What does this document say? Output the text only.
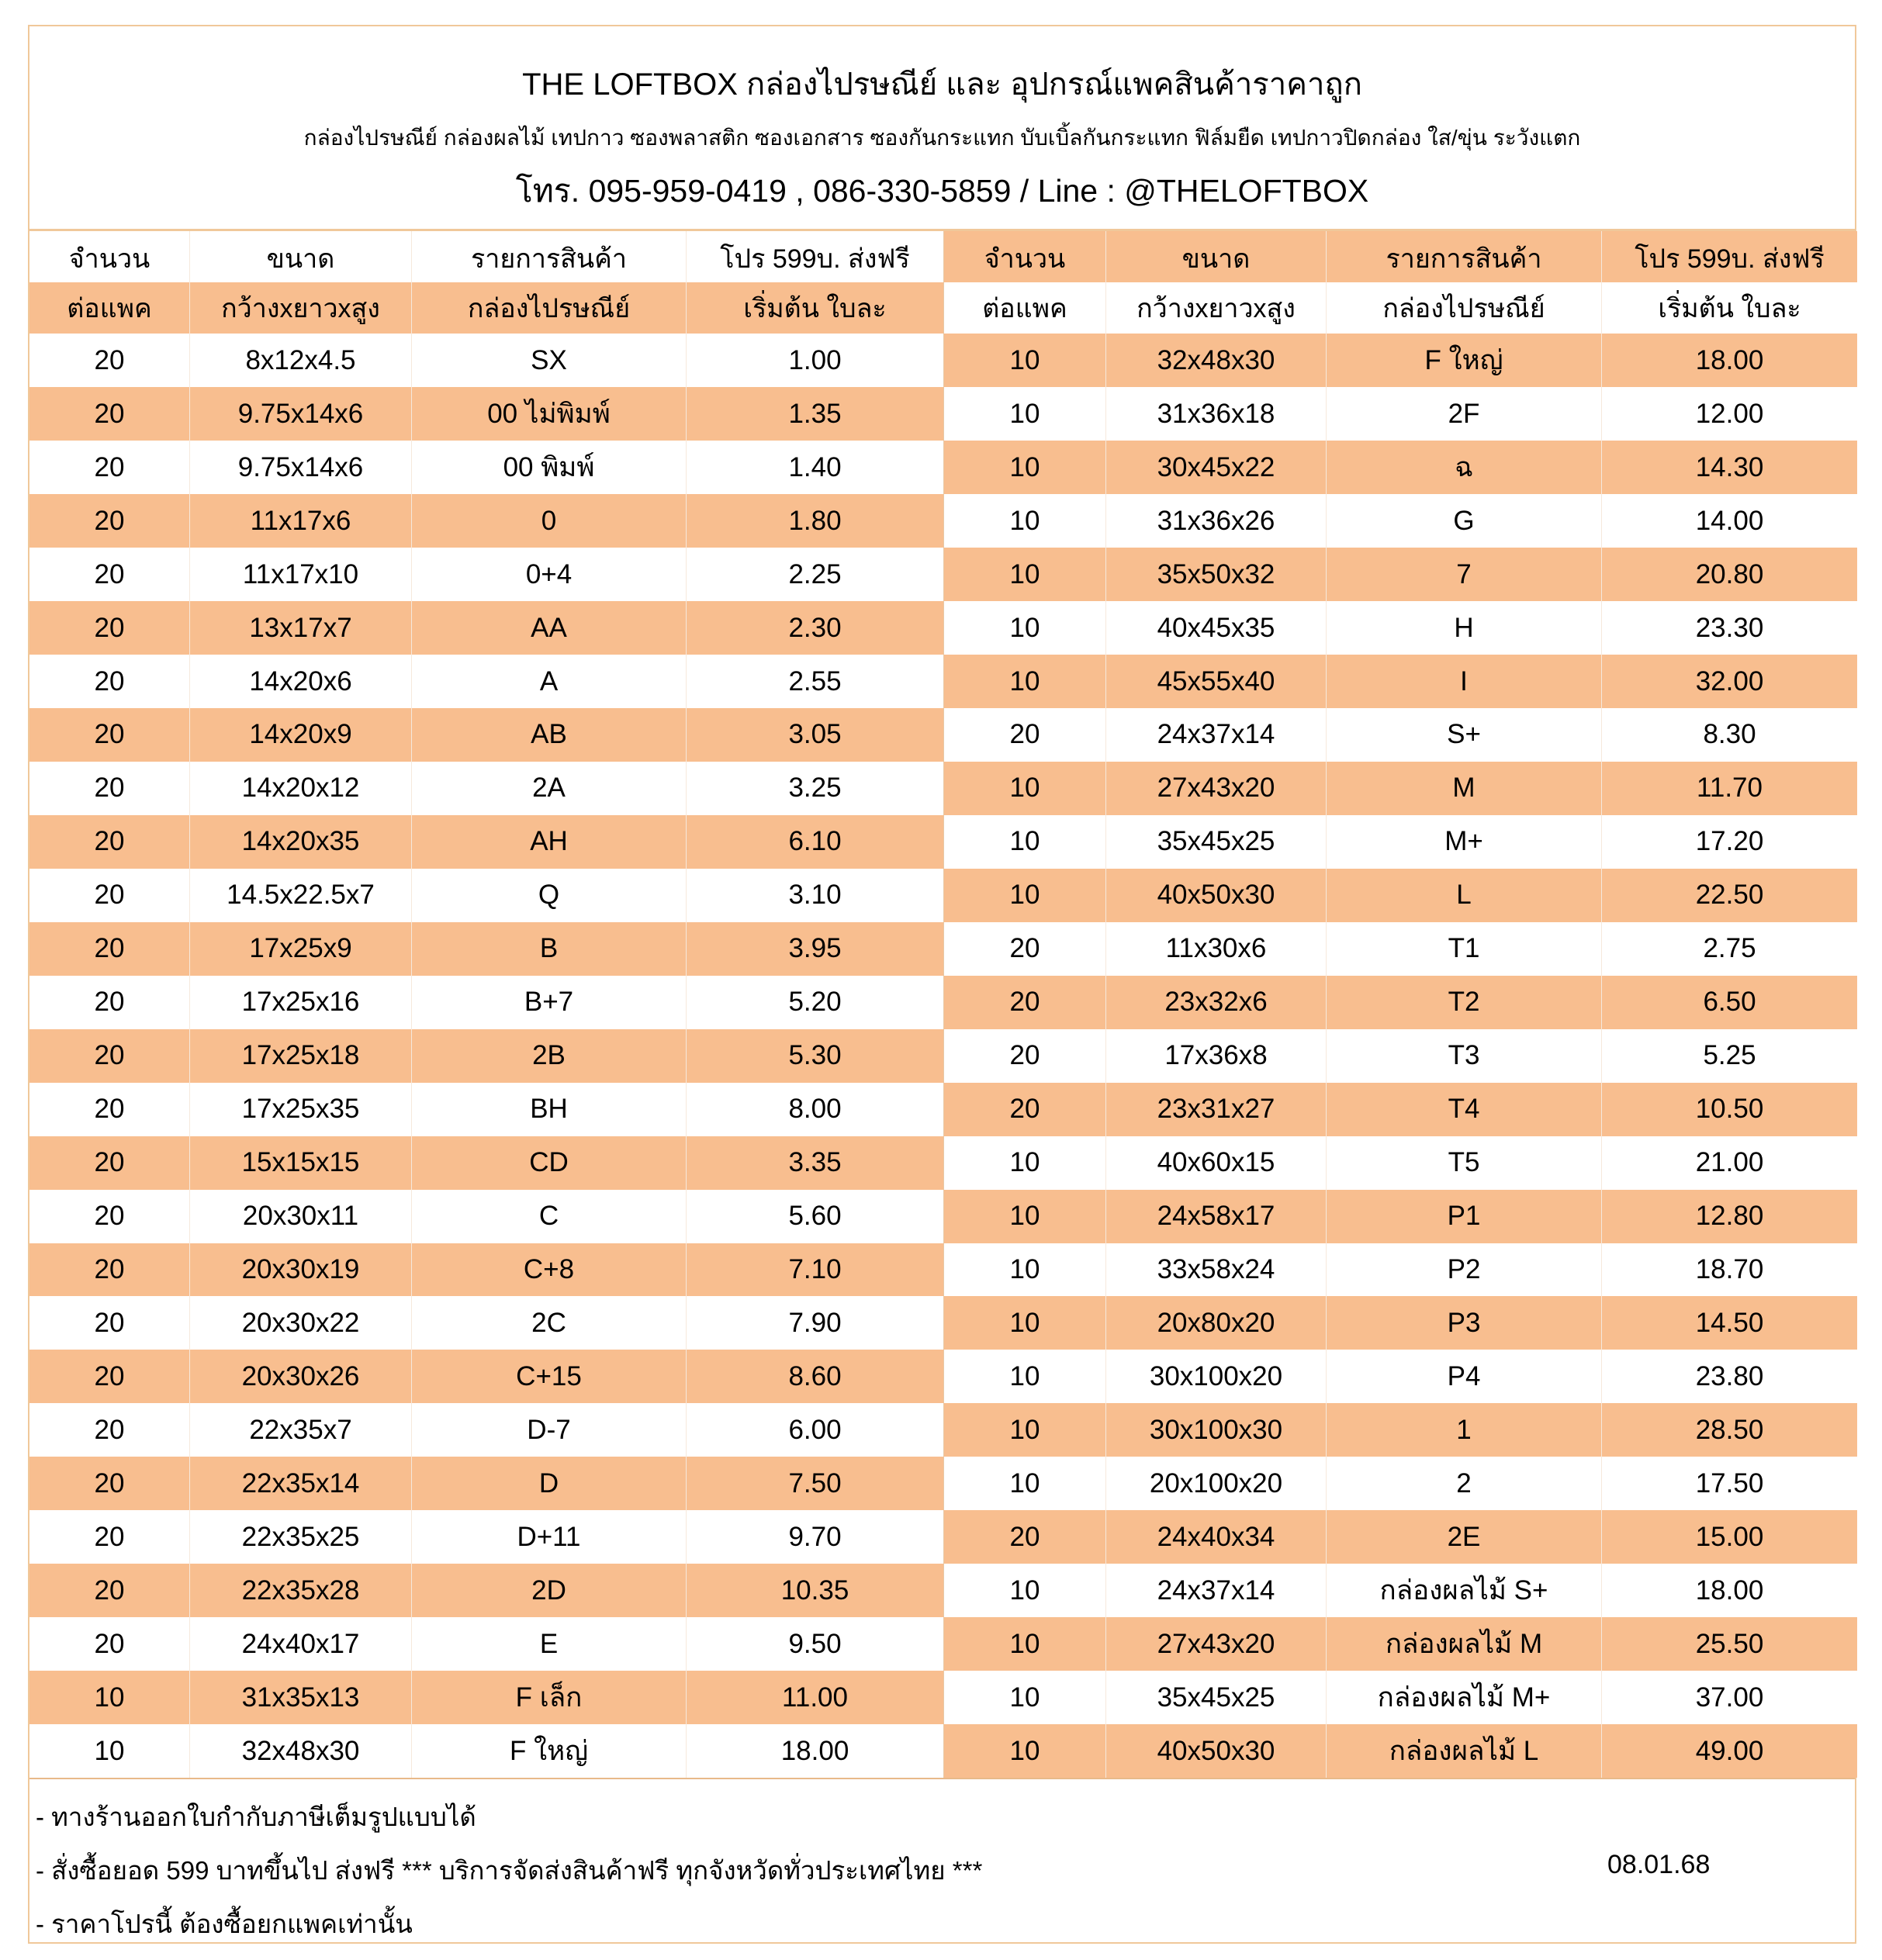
THE LOFTBOX กล่องไปรษณีย์ และ อุปกรณ์แพคสินค้าราคาถูก
กล่องไปรษณีย์ กล่องผลไม้ เทปกาว ซองพลาสติก ซองเอกสาร ซองกันกระแทก บับเบิ้ลกันกระแทก ฟิล์มยืด เทปกาวปิดกล่อง ใส/ขุ่น ระวังแตก
โทร. 095-959-0419 , 086-330-5859 / Line : @THELOFTBOX
จำนวน	ขนาด	รายการสินค้า	โปร 599บ. ส่งฟรี
ต่อแพค	กว้างxยาวxสูง	กล่องไปรษณีย์	เริ่มต้น ใบละ
20	8x12x4.5	SX	1.00
20	9.75x14x6	00 ไม่พิมพ์	1.35
20	9.75x14x6	00 พิมพ์	1.40
20	11x17x6	0	1.80
20	11x17x10	0+4	2.25
20	13x17x7	AA	2.30
20	14x20x6	A	2.55
20	14x20x9	AB	3.05
20	14x20x12	2A	3.25
20	14x20x35	AH	6.10
20	14.5x22.5x7	Q	3.10
20	17x25x9	B	3.95
20	17x25x16	B+7	5.20
20	17x25x18	2B	5.30
20	17x25x35	BH	8.00
20	15x15x15	CD	3.35
20	20x30x11	C	5.60
20	20x30x19	C+8	7.10
20	20x30x22	2C	7.90
20	20x30x26	C+15	8.60
20	22x35x7	D-7	6.00
20	22x35x14	D	7.50
20	22x35x25	D+11	9.70
20	22x35x28	2D	10.35
20	24x40x17	E	9.50
10	31x35x13	F เล็ก	11.00
10	32x48x30	F ใหญ่	18.00
จำนวน	ขนาด	รายการสินค้า	โปร 599บ. ส่งฟรี
ต่อแพค	กว้างxยาวxสูง	กล่องไปรษณีย์	เริ่มต้น ใบละ
10	32x48x30	F ใหญ่	18.00
10	31x36x18	2F	12.00
10	30x45x22	ฉ	14.30
10	31x36x26	G	14.00
10	35x50x32	7	20.80
10	40x45x35	H	23.30
10	45x55x40	I	32.00
20	24x37x14	S+	8.30
10	27x43x20	M	11.70
10	35x45x25	M+	17.20
10	40x50x30	L	22.50
20	11x30x6	T1	2.75
20	23x32x6	T2	6.50
20	17x36x8	T3	5.25
20	23x31x27	T4	10.50
10	40x60x15	T5	21.00
10	24x58x17	P1	12.80
10	33x58x24	P2	18.70
10	20x80x20	P3	14.50
10	30x100x20	P4	23.80
10	30x100x30	1	28.50
10	20x100x20	2	17.50
20	24x40x34	2E	15.00
10	24x37x14	กล่องผลไม้ S+	18.00
10	27x43x20	กล่องผลไม้ M	25.50
10	35x45x25	กล่องผลไม้ M+	37.00
10	40x50x30	กล่องผลไม้ L	49.00
- ทางร้านออกใบกำกับภาษีเต็มรูปแบบได้
- สั่งซื้อยอด 599 บาทขึ้นไป ส่งฟรี *** บริการจัดส่งสินค้าฟรี ทุกจังหวัดทั่วประเทศไทย ***
- ราคาโปรนี้ ต้องซื้อยกแพคเท่านั้น
08.01.68
